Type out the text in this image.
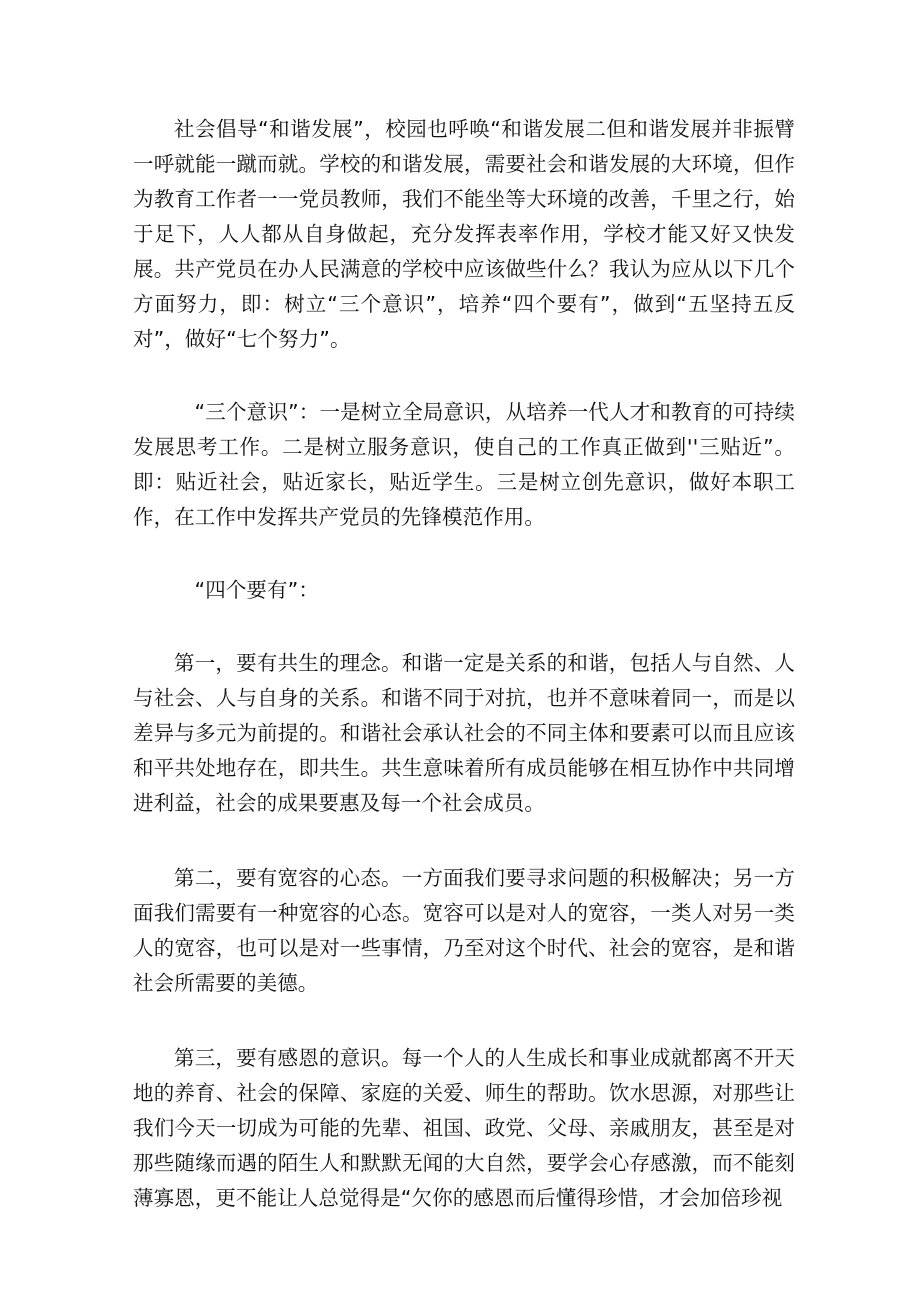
社会倡导“和谐发展”，校园也呼唤“和谐发展二但和谐发展并非振臂一呼就能一蹴而就。学校的和谐发展，需要社会和谐发展的大环境，但作为教育工作者一一党员教师，我们不能坐等大环境的改善，千里之行，始于足下，人人都从自身做起，充分发挥表率作用，学校才能又好又快发展。共产党员在办人民满意的学校中应该做些什么？我认为应从以下几个方面努力，即：树立“三个意识”，培养“四个要有”，做到“五坚持五反对”，做好“七个努力”。

“三个意识”：一是树立全局意识，从培养一代人才和教育的可持续发展思考工作。二是树立服务意识，使自己的工作真正做到''三贴近”。即：贴近社会，贴近家长，贴近学生。三是树立创先意识，做好本职工作，在工作中发挥共产党员的先锋模范作用。

“四个要有”：

第一，要有共生的理念。和谐一定是关系的和谐，包括人与自然、人与社会、人与自身的关系。和谐不同于对抗，也并不意味着同一，而是以差异与多元为前提的。和谐社会承认社会的不同主体和要素可以而且应该和平共处地存在，即共生。共生意味着所有成员能够在相互协作中共同增进利益，社会的成果要惠及每一个社会成员。

第二，要有宽容的心态。一方面我们要寻求问题的积极解决；另一方面我们需要有一种宽容的心态。宽容可以是对人的宽容，一类人对另一类人的宽容，也可以是对一些事情，乃至对这个时代、社会的宽容，是和谐社会所需要的美德。

第三，要有感恩的意识。每一个人的人生成长和事业成就都离不开天地的养育、社会的保障、家庭的关爱、师生的帮助。饮水思源，对那些让我们今天一切成为可能的先辈、祖国、政党、父母、亲戚朋友，甚至是对那些随缘而遇的陌生人和默默无闻的大自然，要学会心存感激，而不能刻薄寡恩，更不能让人总觉得是“欠你的感恩而后懂得珍惜，才会加倍珍视
